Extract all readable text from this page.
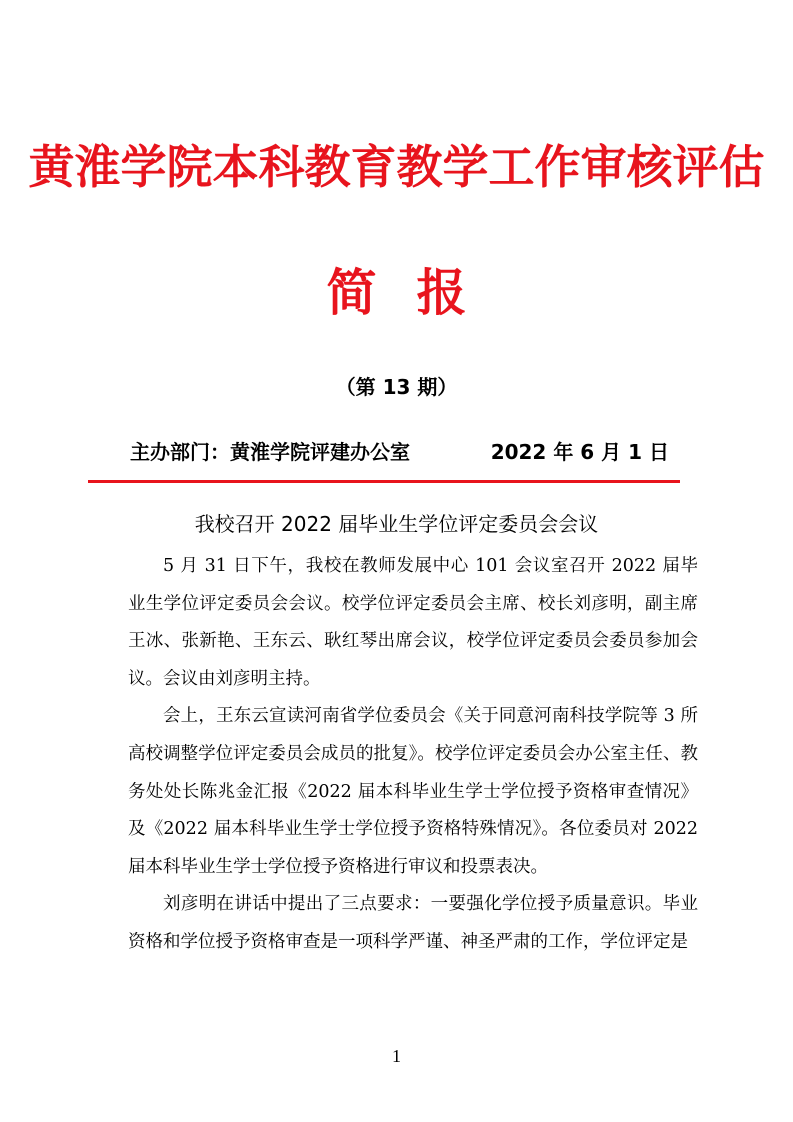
黄淮学院本科教育教学工作审核评估
简报
（第 13 期）
主办部门：黄淮学院评建办公室	2022 年 6 月 1 日
我校召开 2022 届毕业生学位评定委员会会议

5 月 31 日下午，我校在教师发展中心 101 会议室召开 2022 届毕业生学位评定委员会会议。校学位评定委员会主席、校长刘彦明，副主席王冰、张新艳、王东云、耿红琴出席会议，校学位评定委员会委员参加会议。会议由刘彦明主持。

会上，王东云宣读河南省学位委员会《关于同意河南科技学院等 3 所高校调整学位评定委员会成员的批复》。校学位评定委员会办公室主任、教务处处长陈兆金汇报《2022 届本科毕业生学士学位授予资格审查情况》及《2022 届本科毕业生学士学位授予资格特殊情况》。各位委员对 2022 届本科毕业生学士学位授予资格进行审议和投票表决。

刘彦明在讲话中提出了三点要求：一要强化学位授予质量意识。毕业资格和学位授予资格审查是一项科学严谨、神圣严肃的工作，学位评定是

1
